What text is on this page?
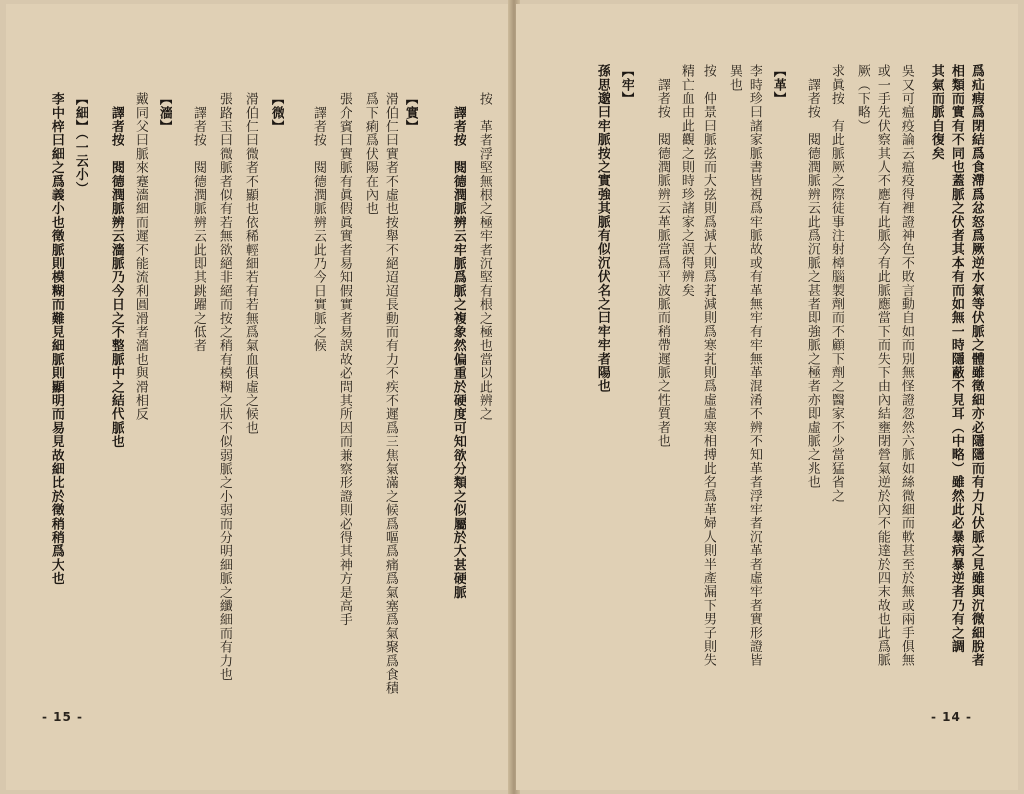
- 15 -
按　革者浮堅無根之極牢者沉堅有根之極也當以此辨之
　譯者按　閱德潤脈辨云牢脈爲脈之複象然偏重於硬度可知欲分類之似屬於大甚硬脈
【實】
滑伯仁曰實者不虛也按舉不絕迢迢長動而有力不疾不遲爲三焦氣滿之候爲嘔爲痛爲氣塞爲氣聚爲食積
爲下痢爲伏陽在內也
張介賓曰實脈有眞假眞實者易知假實者易誤故必問其所因而兼察形證則必得其神方是高手
　譯者按　閱德潤脈辨云此乃今日實脈之候
【微】
滑伯仁曰微者不顯也依稀輕細若有若無爲氣血俱虛之候也
張路玉曰微脈者似有若無欲絕非絕而按之稍有模糊之狀不似弱脈之小弱而分明細脈之纖細而有力也
　譯者按　閱德潤脈辨云此即其跳躍之低者
【濇】
戴同父曰脈來蹇濇細而遲不能流利圓滑者濇也與滑相反
　譯者按　閱德潤脈辨云濇脈乃今日之不整脈中之結代脈也
【細】（一云小）
李中梓曰細之爲義小也徵脈則模糊而難見細脈則顯明而易見故細比於徵稍稍爲大也
- 14 -
爲疝瘕爲閉結爲食滯爲忿怒爲厥逆水氣等伏脈之體雖徵細亦必隱隱而有力凡伏脈之見雖與沉微細脫者
相類而實有不同也蓋脈之伏者其本有而如無一時隱蔽不見耳（中略）雖然此必暴病暴逆者乃有之調
其氣而脈自復矣
吳又可瘟疫論云瘟疫得裡證神色不敗言動自如而別無怪證忽然六脈如絲微細而軟甚至於無或兩手俱無
或一手先伏察其人不應有此脈今有此脈應當下而失下由內結壅閉營氣逆於內不能達於四末故也此爲脈
厥（下略）
求眞按　有此脈厥之際徒事注射樟腦製劑而不顧下劑之醫家不少當猛省之
　譯者按　閱德潤脈辨云此爲沉脈之甚者即強脈之極者亦即虛脈之兆也
【革】
李時珍曰諸家脈書皆視爲牢脈故或有革無牢有牢無革混淆不辨不知革者浮牢者沉革者虛牢者實形證皆
異也
按　仲景曰脈弦而大弦則爲減大則爲芤減則爲寒芤則爲虛虛寒相搏此名爲革婦人則半產漏下男子則失
精亡血由此觀之則時珍諸家之誤得辨矣
　譯者按　閱德潤脈辨云革脈當爲平波脈而稍帶遲脈之性質者也
【牢】
孫思邈曰牢脈按之實強其脈有似沉伏名之曰牢牢者陽也
